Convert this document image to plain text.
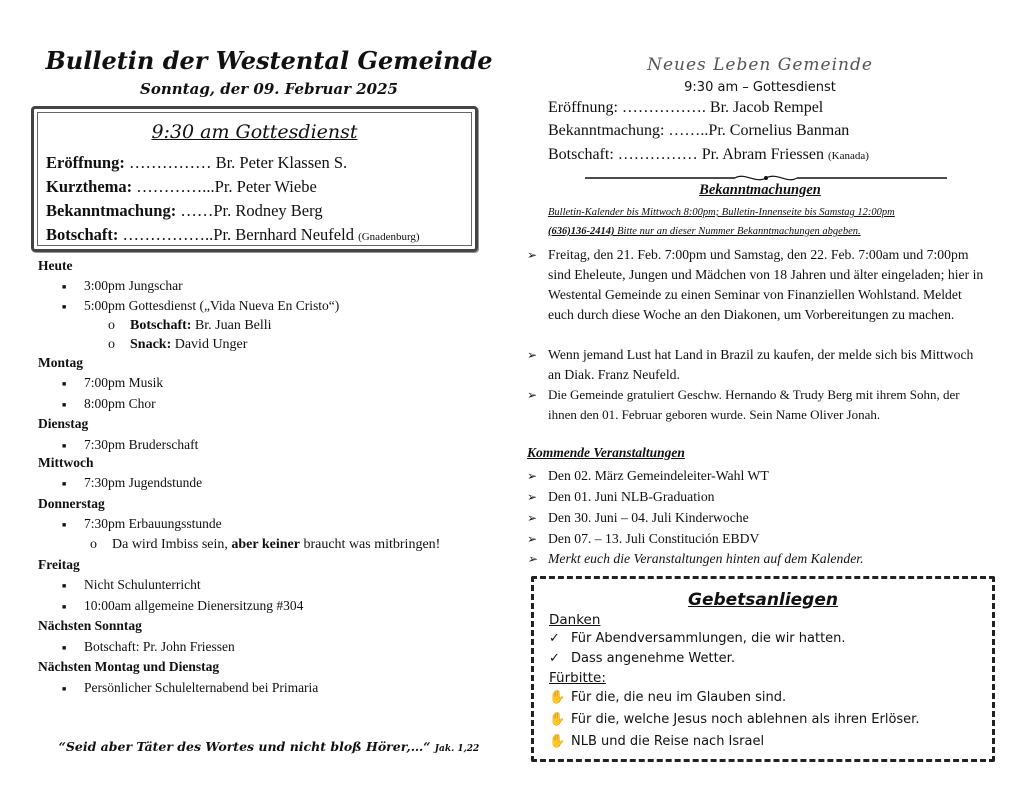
Bulletin der Westental Gemeinde
Sonntag, der 09. Februar 2025
9:30 am Gottesdienst
Eröffnung: …………… Br. Peter Klassen S.
Kurzthema: …………...Pr. Peter Wiebe
Bekanntmachung: ……Pr. Rodney Berg
Botschaft: ……………..Pr. Bernhard Neufeld (Gnadenburg)
Heute
■ 3:00pm Jungschar
■ 5:00pm Gottesdienst („Vida Nueva En Cristo“)
o Botschaft: Br. Juan Belli
o Snack: David Unger
Montag
■ 7:00pm Musik
■ 8:00pm Chor
Dienstag
■ 7:30pm Bruderschaft
Mittwoch
■ 7:30pm Jugendstunde
Donnerstag
■ 7:30pm Erbauungsstunde
o Da wird Imbiss sein, aber keiner braucht was mitbringen!
Freitag
■ Nicht Schulunterricht
■ 10:00am allgemeine Dienersitzung #304
Nächsten Sonntag
■ Botschaft: Pr. John Friessen
Nächsten Montag und Dienstag
■ Persönlicher Schulelternabend bei Primaria
“Seid aber Täter des Wortes und nicht bloß Hörer,…“ Jak. 1,22
Neues Leben Gemeinde
9:30 am – Gottesdienst
Eröffnung: ……………. Br. Jacob Rempel
Bekanntmachung: ……..Pr. Cornelius Banman
Botschaft: …………… Pr. Abram Friessen (Kanada)
Bekanntmachungen
Bulletin-Kalender bis Mittwoch 8:00pm; Bulletin-Innenseite bis Samstag 12:00pm
(636)136-2414) Bitte nur an dieser Nummer Bekanntmachungen abgeben.
➢ Freitag, den 21. Feb. 7:00pm und Samstag, den 22. Feb. 7:00am und 7:00pm sind Eheleute, Jungen und Mädchen von 18 Jahren und älter eingeladen; hier in Westental Gemeinde zu einen Seminar von Finanziellen Wohlstand. Meldet euch durch diese Woche an den Diakonen, um Vorbereitungen zu machen.
➢ Wenn jemand Lust hat Land in Brazil zu kaufen, der melde sich bis Mittwoch an Diak. Franz Neufeld.
➢ Die Gemeinde gratuliert Geschw. Hernando & Trudy Berg mit ihrem Sohn, der ihnen den 01. Februar geboren wurde. Sein Name Oliver Jonah.
Kommende Veranstaltungen
➢ Den 02. März Gemeindeleiter-Wahl WT
➢ Den 01. Juni NLB-Graduation
➢ Den 30. Juni – 04. Juli Kinderwoche
➢ Den 07. – 13. Juli Constitución EBDV
➢ Merkt euch die Veranstaltungen hinten auf dem Kalender.
Gebetsanliegen
Danken
✓ Für Abendversammlungen, die wir hatten.
✓ Dass angenehme Wetter.
Fürbitte:
✋ Für die, die neu im Glauben sind.
✋ Für die, welche Jesus noch ablehnen als ihren Erlöser.
✋ NLB und die Reise nach Israel
